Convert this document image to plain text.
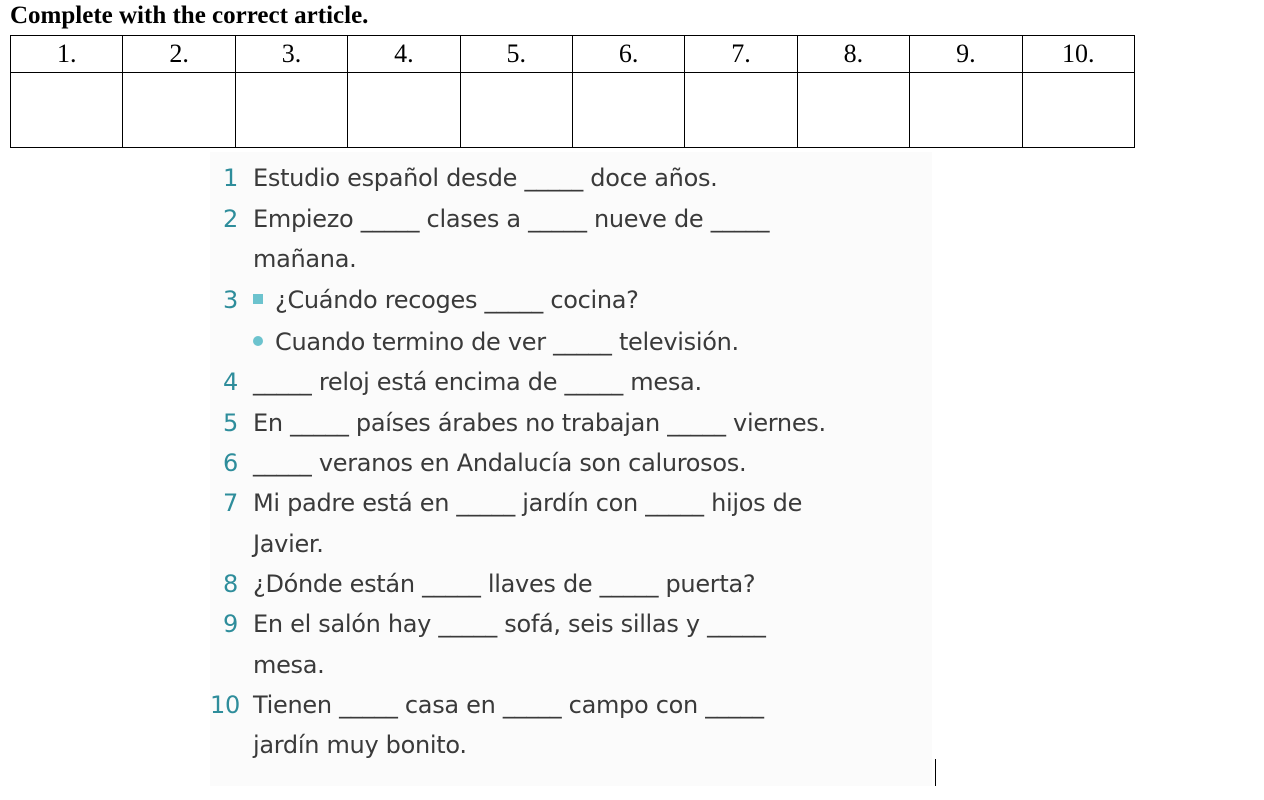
Complete with the correct article.
1.	2.	3.	4.	5.	6.	7.	8.	9.	10.

1 Estudio español desde _____ doce años.
2 Empiezo _____ clases a _____ nueve de _____
mañana.
3	¿Cuándo recoges _____ cocina?
Cuando termino de ver _____ televisión.
4 _____ reloj está encima de _____ mesa.
5 En _____ países árabes no trabajan _____ viernes.
6 _____ veranos en Andalucía son calurosos.
7 Mi padre está en _____ jardín con _____ hijos de
Javier.
8 ¿Dónde están _____ llaves de _____ puerta?
9 En el salón hay _____ sofá, seis sillas y _____
mesa.
10 Tienen _____ casa en _____ campo con _____
jardín muy bonito.
